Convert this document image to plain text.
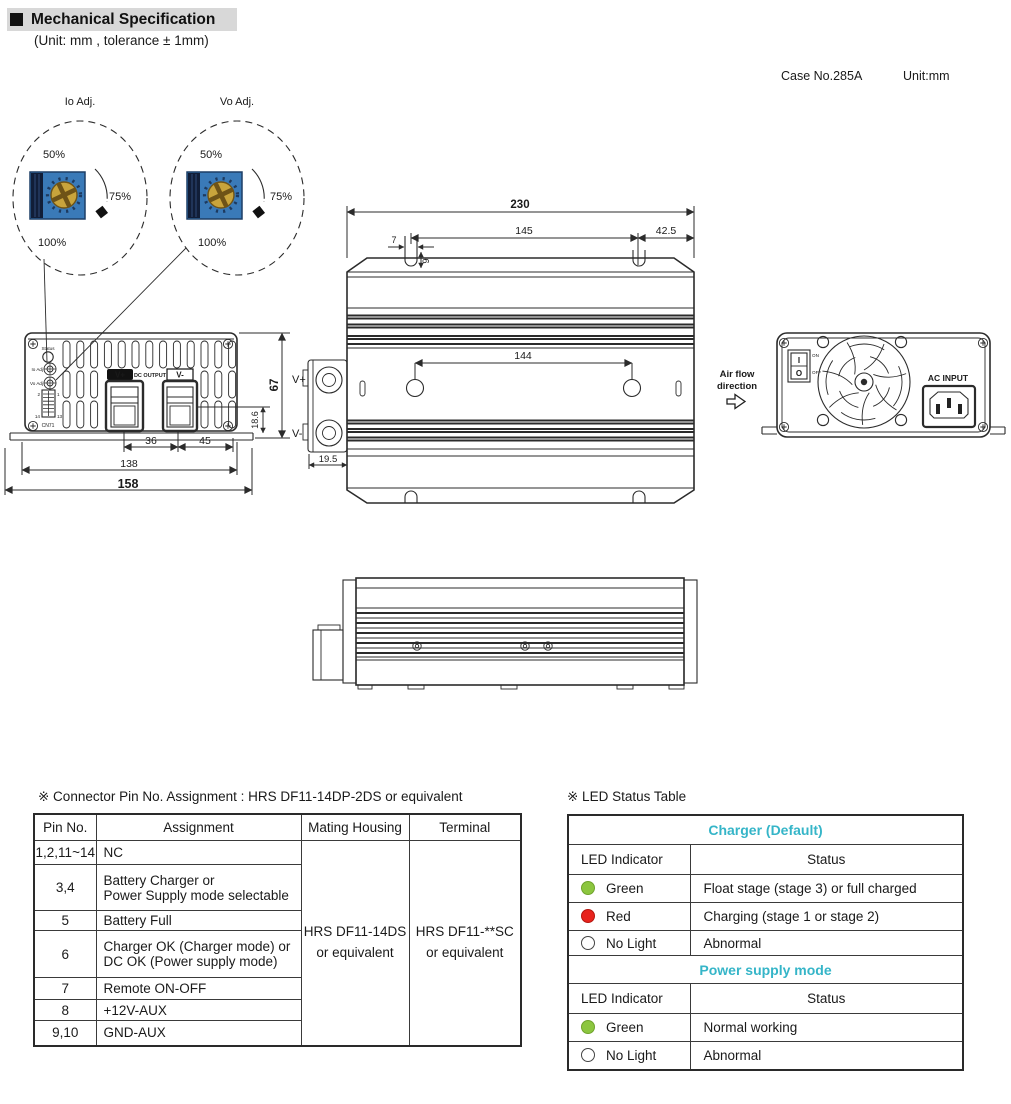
Mechanical Specification
(Unit: mm , tolerance ± 1mm)
Case No.285A	Unit:mm
Io Adj.
50%
75%
100%
Vo Adj.
50%
75%
100%
Status
Io Adj
Vo Adj
2	1
14	13
CN71
V+ DC OUTPUT V-
36	45
138
158
67
18.6
V+
V-
230
145	42.5
7
9
144
19.5
I
O
ON
OFF
AC INPUT
Air flow
direction
※ Connector Pin No. Assignment : HRS DF11-14DP-2DS or equivalent
Pin No.	Assignment	Mating Housing	Terminal
1,2,11~14	NC	
HRS DF11-14DS
or equivalent

HRS DF11-**SC
or equivalent

3,4	Battery Charger or
Power Supply mode selectable		

5	Battery Full		
6	Charger OK (Charger mode) or
DC OK (Power supply mode)		

7	Remote ON-OFF		
8	+12V-AUX		
9,10	GND-AUX		
※ LED Status Table
Charger (Default)	
LED Indicator	Status
Green	Float stage (stage 3) or full charged
Red	Charging (stage 1 or stage 2)
No Light	Abnormal
Power supply mode	
LED Indicator	Status
Green	Normal working
No Light	Abnormal
